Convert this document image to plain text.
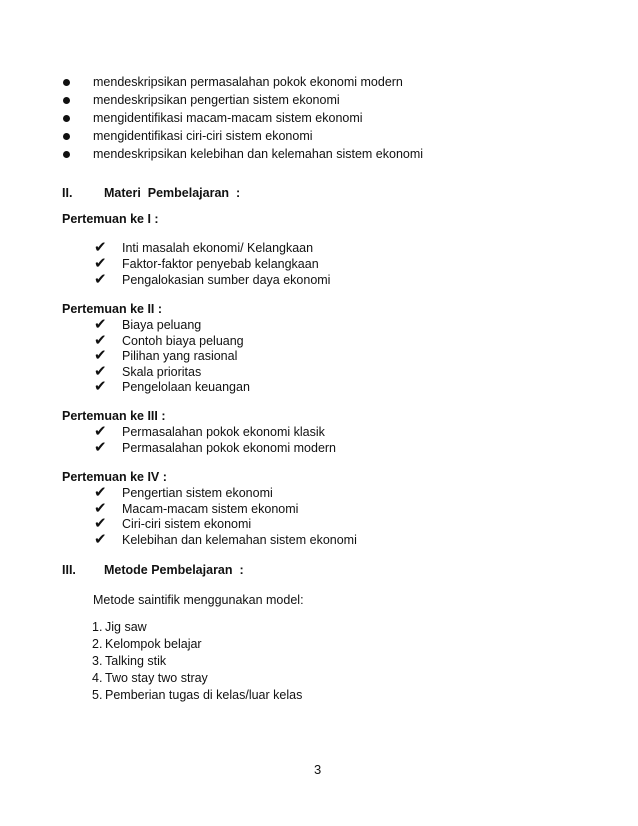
mendeskripsikan permasalahan pokok ekonomi modern
mendeskripsikan pengertian sistem ekonomi
mengidentifikasi macam-macam sistem ekonomi
mengidentifikasi ciri-ciri sistem ekonomi
mendeskripsikan kelebihan dan kelemahan sistem ekonomi
II.	Materi  Pembelajaran  :
Pertemuan ke I :
✔ Inti masalah ekonomi/ Kelangkaan
✔ Faktor-faktor penyebab kelangkaan
✔ Pengalokasian sumber daya ekonomi
Pertemuan ke II :
✔ Biaya peluang
✔ Contoh biaya peluang
✔ Pilihan yang rasional
✔ Skala prioritas
✔ Pengelolaan keuangan
Pertemuan ke III :
✔ Permasalahan pokok ekonomi klasik
✔ Permasalahan pokok ekonomi modern
Pertemuan ke IV :
✔ Pengertian sistem ekonomi
✔ Macam-macam sistem ekonomi
✔ Ciri-ciri sistem ekonomi
✔ Kelebihan dan kelemahan sistem ekonomi
III. Metode Pembelajaran  :
Metode saintifik menggunakan model:
1. Jig saw
2. Kelompok belajar
3. Talking stik
4. Two stay two stray
5. Pemberian tugas di kelas/luar kelas
3
